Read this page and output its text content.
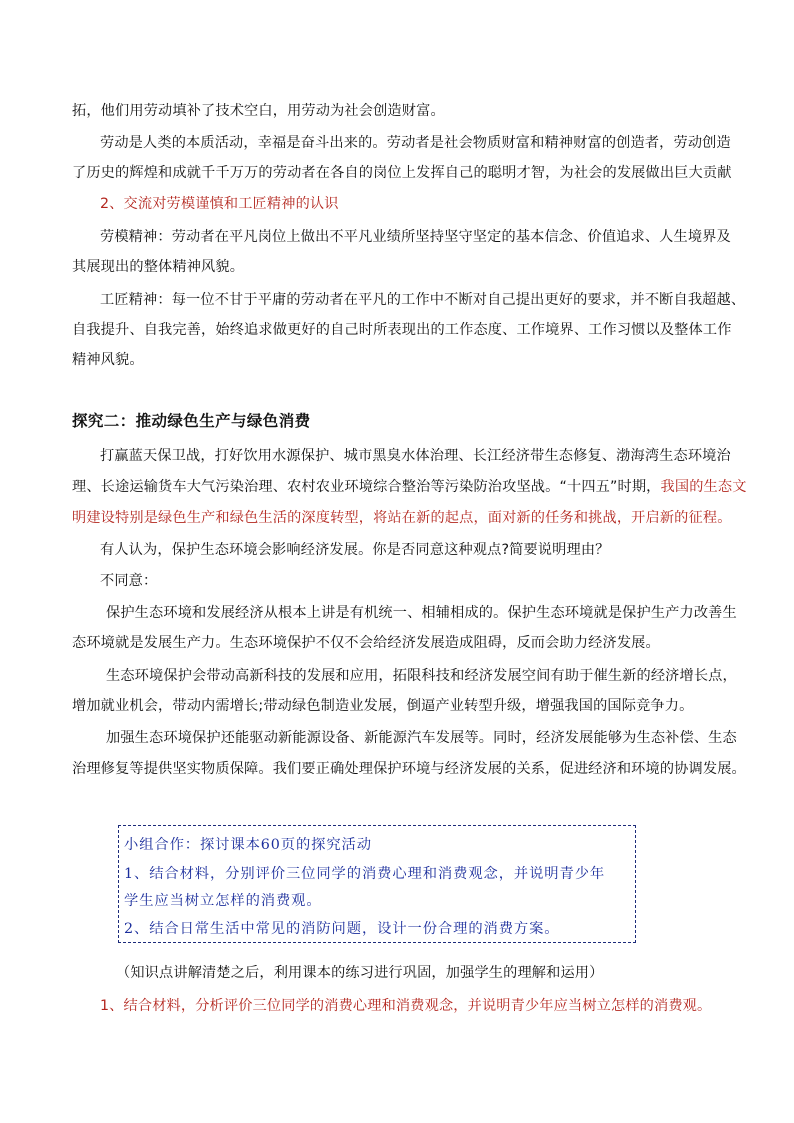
拓，他们用劳动填补了技术空白，用劳动为社会创造财富。
劳动是人类的本质活动，幸福是奋斗出来的。劳动者是社会物质财富和精神财富的创造者，劳动创造
了历史的辉煌和成就千千万万的劳动者在各自的岗位上发挥自己的聪明才智，为社会的发展做出巨大贡献
2、交流对劳模谨慎和工匠精神的认识
劳模精神：劳动者在平凡岗位上做出不平凡业绩所坚持坚守坚定的基本信念、价值追求、人生境界及
其展现出的整体精神风貌。
工匠精神：每一位不甘于平庸的劳动者在平凡的工作中不断对自己提出更好的要求，并不断自我超越、
自我提升、自我完善，始终追求做更好的自己时所表现出的工作态度、工作境界、工作习惯以及整体工作
精神风貌。
探究二：推动绿色生产与绿色消费
打赢蓝天保卫战，打好饮用水源保护、城市黑臭水体治理、长江经济带生态修复、渤海湾生态环境治
理、长途运输货车大气污染治理、农村农业环境综合整治等污染防治攻坚战。“十四五”时期，我国的生态文
明建设特别是绿色生产和绿色生活的深度转型，将站在新的起点，面对新的任务和挑战，开启新的征程。
有人认为，保护生态环境会影响经济发展。你是否同意这种观点?简要说明理由？
不同意：
保护生态环境和发展经济从根本上讲是有机统一、相辅相成的。保护生态环境就是保护生产力改善生
态环境就是发展生产力。生态环境保护不仅不会给经济发展造成阻碍，反而会助力经济发展。
生态环境保护会带动高新科技的发展和应用，拓限科技和经济发展空间有助于催生新的经济增长点，
增加就业机会，带动内需增长;带动绿色制造业发展，倒逼产业转型升级，增强我国的国际竞争力。
加强生态环境保护还能驱动新能源设备、新能源汽车发展等。同时，经济发展能够为生态补偿、生态
治理修复等提供坚实物质保障。我们要正确处理保护环境与经济发展的关系，促进经济和环境的协调发展。
小组合作：探讨课本60页的探究活动
1、结合材料，分别评价三位同学的消费心理和消费观念，并说明青少年
学生应当树立怎样的消费观。
2、结合日常生活中常见的消防问题，设计一份合理的消费方案。
（知识点讲解清楚之后，利用课本的练习进行巩固，加强学生的理解和运用）
1、结合材料，分析评价三位同学的消费心理和消费观念，并说明青少年应当树立怎样的消费观。
